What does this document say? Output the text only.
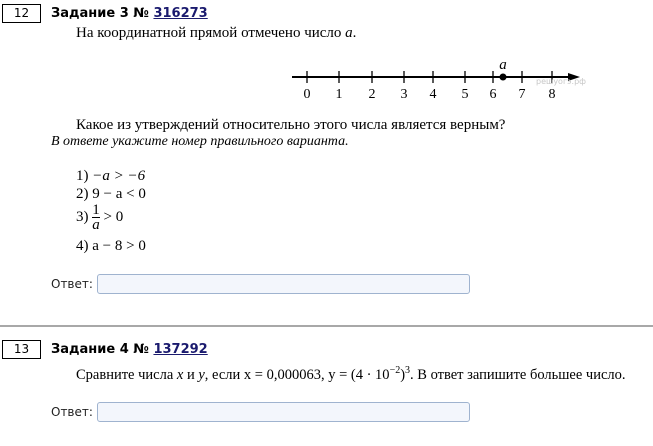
12	Задание 3 № 316273
На координатной прямой отмечено число a.
a
0 1 2 3 4 5 6 7 8
решуогэ.рф
Какое из утверждений относительно этого числа является верным?
В ответе укажите номер правильного варианта.
1) −a > −6
2) 9 − a < 0
$3) \frac{1}{a} > 0$
4) a − 8 > 0
Ответ:
13	Задание 4 № 137292
Сравните числа x и y, если x = 0,000063, $y = (4 \cdot 10^{-2})^3$. В ответ запишите большее число.
Ответ:
